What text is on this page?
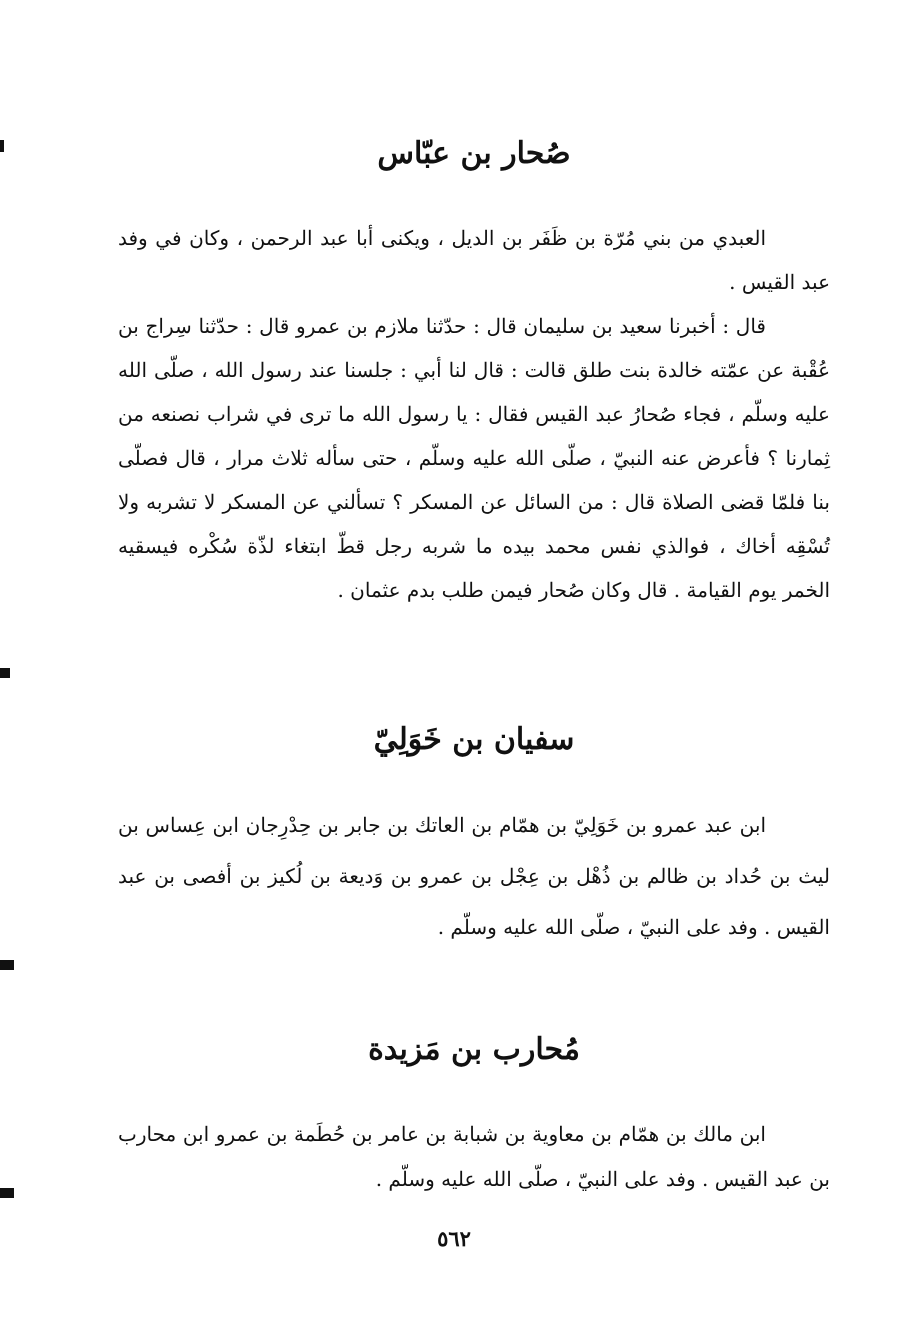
صُحار بن عبّاس

العبدي من بني مُرّة بن ظَفَر بن الديل ، ويكنى أبا عبد الرحمن ، وكان في وفد عبد القيس .

قال : أخبرنا سعيد بن سليمان قال : حدّثنا ملازم بن عمرو قال : حدّثنا سِراج بن عُقْبة عن عمّته خالدة بنت طلق قالت : قال لنا أبي : جلسنا عند رسول الله ، صلّى الله عليه وسلّم ، فجاء صُحارُ عبد القيس فقال : يا رسول الله ما ترى في شراب نصنعه من ثِمارنا ؟ فأعرض عنه النبيّ ، صلّى الله عليه وسلّم ، حتى سأله ثلاث مرار ، قال فصلّى بنا فلمّا قضى الصلاة قال : من السائل عن المسكر ؟ تسألني عن المسكر لا تشربه ولا تُسْقِه أخاك ، فوالذي نفس محمد بيده ما شربه رجل قطّ ابتغاء لذّة سُكْره فيسقيه الخمر يوم القيامة . قال وكان صُحار فيمن طلب بدم عثمان .

سفيان بن خَوَلِيّ

ابن عبد عمرو بن خَوَلِيّ بن همّام بن العاتك بن جابر بن حِدْرِجان ابن عِساس بن ليث بن حُداد بن ظالم بن ذُهْل بن عِجْل بن عمرو بن وَديعة بن لُكيز بن أفصى بن عبد القيس . وفد على النبيّ ، صلّى الله عليه وسلّم .

مُحارب بن مَزيدة

ابن مالك بن همّام بن معاوية بن شبابة بن عامر بن حُطَمة بن عمرو ابن محارب بن عبد القيس . وفد على النبيّ ، صلّى الله عليه وسلّم .

٥٦٢
